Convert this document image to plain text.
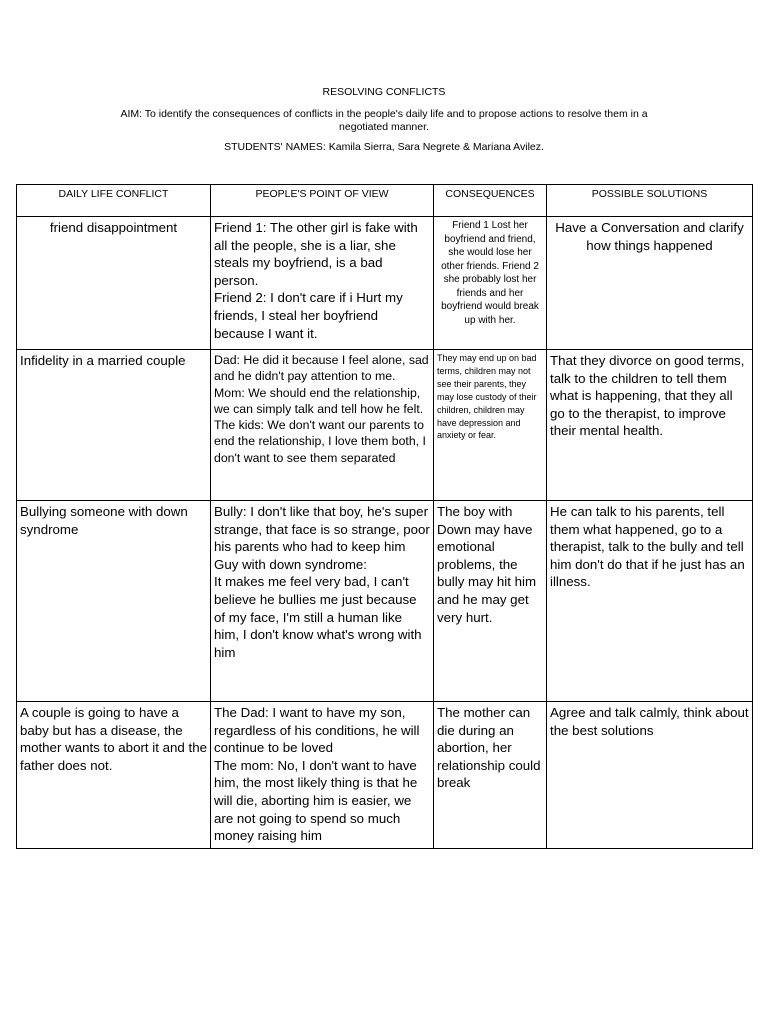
RESOLVING CONFLICTS
AIM: To identify the consequences of conflicts in the people's daily life and to propose actions to resolve them in a negotiated manner.
STUDENTS' NAMES: Kamila Sierra, Sara Negrete & Mariana Avilez.
DAILY LIFE CONFLICT	PEOPLE'S POINT OF VIEW	CONSEQUENCES	POSSIBLE SOLUTIONS
friend disappointment	Friend 1: The other girl is fake with all the people, she is a liar, she steals my boyfriend, is a bad person.
Friend 2: I don't care if i Hurt my friends, I steal her boyfriend because I want it.	Friend 1 Lost her boyfriend and friend, she would lose her other friends. Friend 2 she probably lost her friends and her boyfriend would break up with her.	Have a Conversation and clarify how things happened
Infidelity in a married couple	Dad: He did it because I feel alone, sad and he didn't pay attention to me.
Mom: We should end the relationship, we can simply talk and tell how he felt.
The kids: We don't want our parents to end the relationship, I love them both, I don't want to see them separated	They may end up on bad terms, children may not see their parents, they may lose custody of their children, children may have depression and anxiety or fear.	That they divorce on good terms, talk to the children to tell them what is happening, that they all go to the therapist, to improve their mental health.
Bullying someone with down syndrome	Bully: I don't like that boy, he's super strange, that face is so strange, poor his parents who had to keep him
Guy with down syndrome:
It makes me feel very bad, I can't believe he bullies me just because of my face, I'm still a human like him, I don't know what's wrong with him	The boy with Down may have emotional problems, the bully may hit him and he may get very hurt.	He can talk to his parents, tell them what happened, go to a therapist, talk to the bully and tell him don't do that if he just has an illness.
A couple is going to have a baby but has a disease, the mother wants to abort it and the father does not.	The Dad: I want to have my son, regardless of his conditions, he will continue to be loved
The mom: No, I don't want to have him, the most likely thing is that he will die, aborting him is easier, we are not going to spend so much money raising him	The mother can die during an abortion, her relationship could break	Agree and talk calmly, think about the best solutions
